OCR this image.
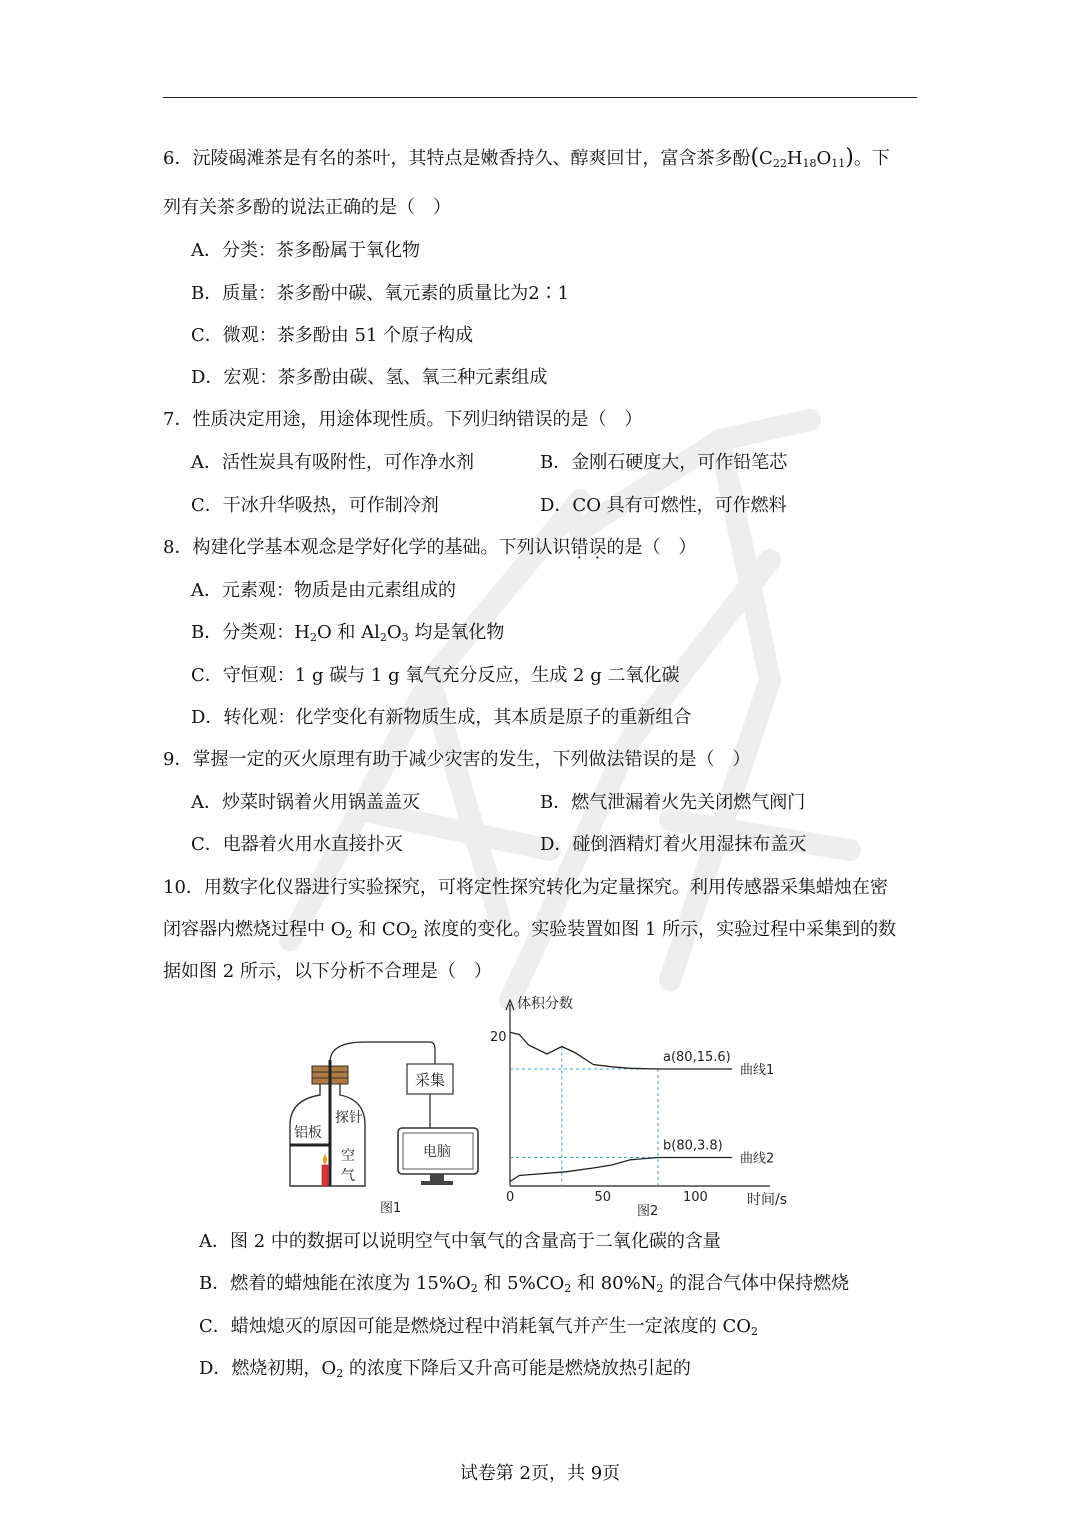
6．沅陵碣滩茶是有名的茶叶，其特点是嫩香持久、醇爽回甘，富含茶多酚$(C_{22}H_{18}O_{11})$。下
列有关茶多酚的说法正确的是（　）
A．分类：茶多酚属于氧化物
B．质量：茶多酚中碳、氧元素的质量比为2∶1
C．微观：茶多酚由 51 个原子构成
D．宏观：茶多酚由碳、氢、氧三种元素组成
7．性质决定用途，用途体现性质。下列归纳错误的是（　）
A．活性炭具有吸附性，可作净水剂	B．金刚石硬度大，可作铅笔芯
C．干冰升华吸热，可作制冷剂	D．CO 具有可燃性，可作燃料
8．构建化学基本观念是学好化学的基础。下列认识错误的是（　）
A．元素观：物质是由元素组成的
B．分类观：$H_2O$ 和 $Al_2O_3$ 均是氧化物
C．守恒观：1 g 碳与 1 g 氧气充分反应，生成 2 g 二氧化碳
D．转化观：化学变化有新物质生成，其本质是原子的重新组合
9．掌握一定的灭火原理有助于减少灾害的发生，下列做法错误的是（　）
A．炒菜时锅着火用锅盖盖灭	B．燃气泄漏着火先关闭燃气阀门
C．电器着火用水直接扑灭	D．碰倒酒精灯着火用湿抹布盖灭
10．用数字化仪器进行实验探究，可将定性探究转化为定量探究。利用传感器采集蜡烛在密
闭容器内燃烧过程中 $O_2$ 和 $CO_2$ 浓度的变化。实验装置如图 1 所示，实验过程中采集到的数
据如图 2 所示，以下分析不合理是（　）
采集
电脑
探针
铝板
空
气
图1
体积分数
时间/s
图2
20
0	50	100
曲线1
曲线2
a(80,15.6)
b(80,3.8)
A．图 2 中的数据可以说明空气中氧气的含量高于二氧化碳的含量
B．燃着的蜡烛能在浓度为 $15\%O_2$ 和 $5\%CO_2$ 和 $80\%N_2$ 的混合气体中保持燃烧
C．蜡烛熄灭的原因可能是燃烧过程中消耗氧气并产生一定浓度的 $CO_2$
D．燃烧初期，$O_2$ 的浓度下降后又升高可能是燃烧放热引起的
试卷第 2页，共 9页
